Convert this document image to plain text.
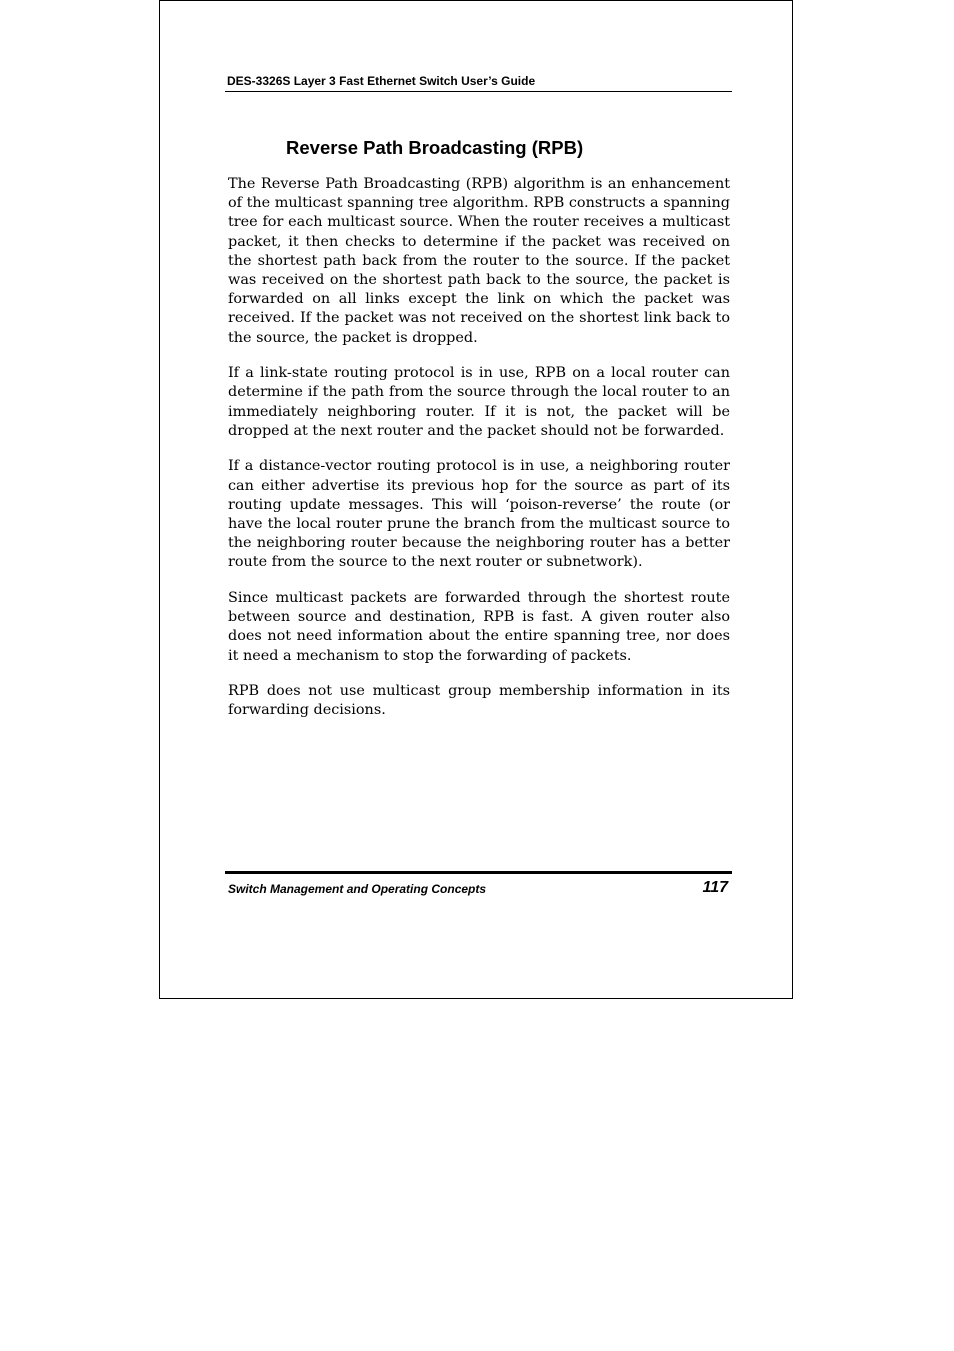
DES-3326S Layer 3 Fast Ethernet Switch User’s Guide
Reverse Path Broadcasting (RPB)

The Reverse Path Broadcasting (RPB) algorithm is an enhancement of the multicast spanning tree algorithm. RPB constructs a spanning tree for each multicast source. When the router receives a multicast packet, it then checks to determine if the packet was received on the shortest path back from the router to the source. If the packet was received on the shortest path back to the source, the packet is forwarded on all links except the link on which the packet was received. If the packet was not received on the shortest link back to the source, the packet is dropped.

If a link-state routing protocol is in use, RPB on a local router can determine if the path from the source through the local router to an immediately neighboring router. If it is not, the packet will be dropped at the next router and the packet should not be forwarded.

If a distance-vector routing protocol is in use, a neighboring router can either advertise its previous hop for the source as part of its routing update messages. This will ‘poison-reverse’ the route (or have the local router prune the branch from the multicast source to the neighboring router because the neighboring router has a better route from the source to the next router or subnetwork).

Since multicast packets are forwarded through the shortest route between source and destination, RPB is fast. A given router also does not need information about the entire spanning tree, nor does it need a mechanism to stop the forwarding of packets.

RPB does not use multicast group membership information in its forwarding decisions.

Switch Management and Operating Concepts	117
